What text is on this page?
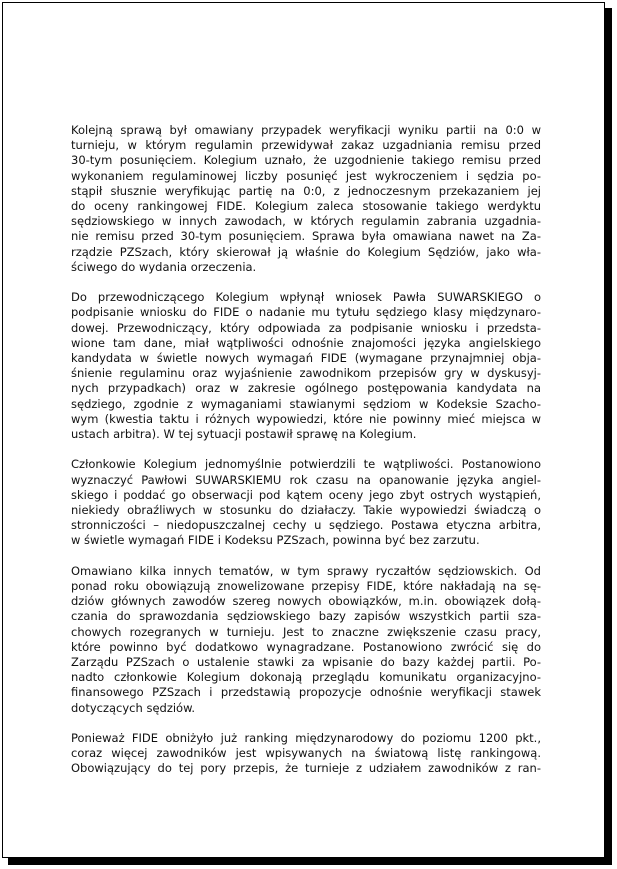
Kolejną sprawą był omawiany przypadek weryfikacji wyniku partii na 0:0 w
turnieju, w którym regulamin przewidywał zakaz uzgadniania remisu przed
30-tym posunięciem. Kolegium uznało, że uzgodnienie takiego remisu przed
wykonaniem regulaminowej liczby posunięć jest wykroczeniem i sędzia po-
stąpił słusznie weryfikując partię na 0:0, z jednoczesnym przekazaniem jej
do oceny rankingowej FIDE. Kolegium zaleca stosowanie takiego werdyktu
sędziowskiego w innych zawodach, w których regulamin zabrania uzgadnia-
nie remisu przed 30-tym posunięciem. Sprawa była omawiana nawet na Za-
rządzie PZSzach, który skierował ją właśnie do Kolegium Sędziów, jako wła-
ściwego do wydania orzeczenia.
Do przewodniczącego Kolegium wpłynął wniosek Pawła SUWARSKIEGO o
podpisanie wniosku do FIDE o nadanie mu tytułu sędziego klasy międzynaro-
dowej. Przewodniczący, który odpowiada za podpisanie wniosku i przedsta-
wione tam dane, miał wątpliwości odnośnie znajomości języka angielskiego
kandydata w świetle nowych wymagań FIDE (wymagane przynajmniej obja-
śnienie regulaminu oraz wyjaśnienie zawodnikom przepisów gry w dyskusyj-
nych przypadkach) oraz w zakresie ogólnego postępowania kandydata na
sędziego, zgodnie z wymaganiami stawianymi sędziom w Kodeksie Szacho-
wym (kwestia taktu i różnych wypowiedzi, które nie powinny mieć miejsca w
ustach arbitra). W tej sytuacji postawił sprawę na Kolegium.
Członkowie Kolegium jednomyślnie potwierdzili te wątpliwości. Postanowiono
wyznaczyć Pawłowi SUWARSKIEMU rok czasu na opanowanie języka angiel-
skiego i poddać go obserwacji pod kątem oceny jego zbyt ostrych wystąpień,
niekiedy obraźliwych w stosunku do działaczy. Takie wypowiedzi świadczą o
stronniczości – niedopuszczalnej cechy u sędziego. Postawa etyczna arbitra,
w świetle wymagań FIDE i Kodeksu PZSzach, powinna być bez zarzutu.
Omawiano kilka innych tematów, w tym sprawy ryczałtów sędziowskich. Od
ponad roku obowiązują znowelizowane przepisy FIDE, które nakładają na sę-
dziów głównych zawodów szereg nowych obowiązków, m.in. obowiązek dołą-
czania do sprawozdania sędziowskiego bazy zapisów wszystkich partii sza-
chowych rozegranych w turnieju. Jest to znaczne zwiększenie czasu pracy,
które powinno być dodatkowo wynagradzane. Postanowiono zwrócić się do
Zarządu PZSzach o ustalenie stawki za wpisanie do bazy każdej partii. Po-
nadto członkowie Kolegium dokonają przeglądu komunikatu organizacyjno-
finansowego PZSzach i przedstawią propozycje odnośnie weryfikacji stawek
dotyczących sędziów.
Ponieważ FIDE obniżyło już ranking międzynarodowy do poziomu 1200 pkt.,
coraz więcej zawodników jest wpisywanych na światową listę rankingową.
Obowiązujący do tej pory przepis, że turnieje z udziałem zawodników z ran-
